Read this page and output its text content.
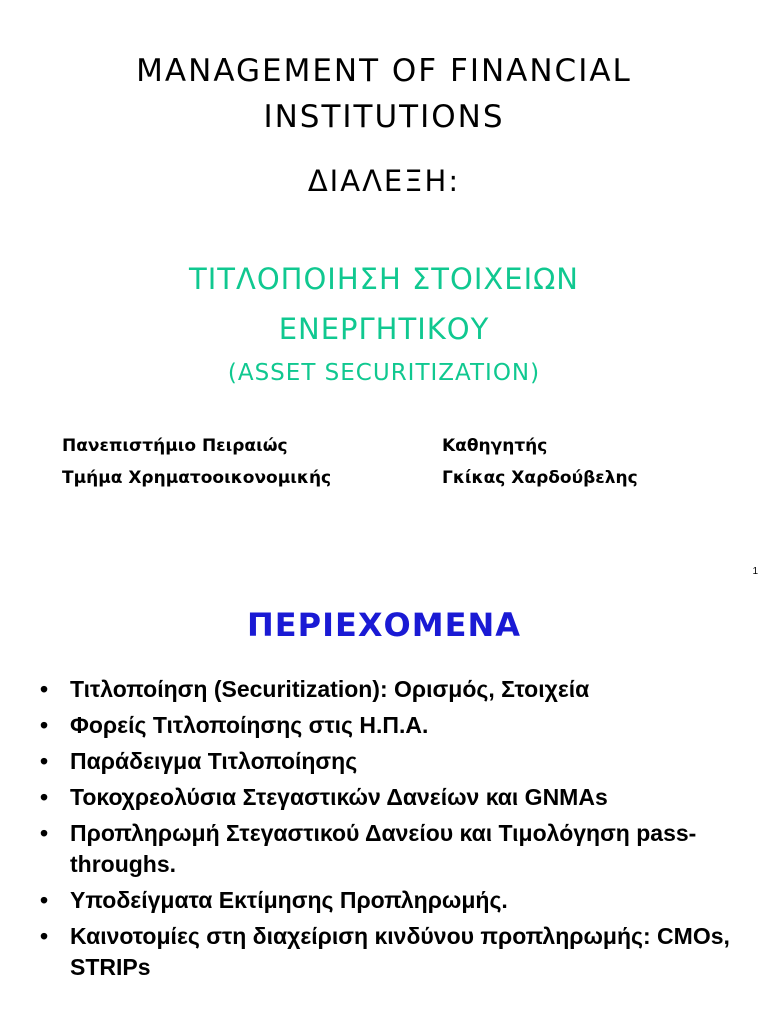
MANAGEMENT OF FINANCIAL
INSTITUTIONS
ΔΙΑΛΕΞΗ:
ΤΙΤΛΟΠΟΙΗΣΗ ΣΤΟΙΧΕΙΩΝ
ΕΝΕΡΓΗΤΙΚΟΥ
(ASSET SECURITIZATION)
Πανεπιστήμιο Πειραιώς
Τμήμα Χρηματοοικονομικής
Καθηγητής
Γκίκας Χαρδούβελης
1
ΠΕΡΙΕΧΟΜΕΝΑ
• Τιτλοποίηση (Securitization): Ορισμός, Στοιχεία
• Φορείς Τιτλοποίησης στις Η.Π.Α.
• Παράδειγμα Τιτλοποίησης
• Τοκοχρεολύσια Στεγαστικών Δανείων και GNMAs
• Προπληρωμή Στεγαστικού Δανείου και Τιμολόγηση pass-throughs.
• Υποδείγματα Εκτίμησης Προπληρωμής.
• Καινοτομίες στη διαχείριση κινδύνου προπληρωμής: CMOs, STRIPs
